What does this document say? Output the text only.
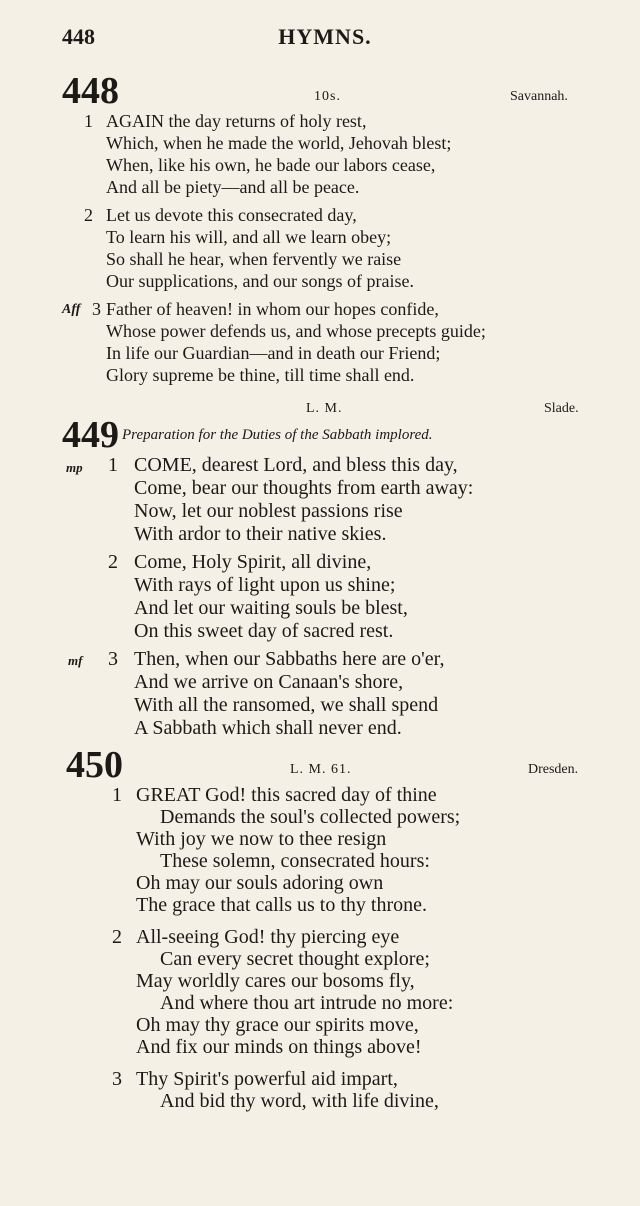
HYMNS.
448
448	10s.	Savannah.
1 AGAIN the day returns of holy rest,
Which, when he made the world, Jehovah blest;
When, like his own, he bade our labors cease,
And all be piety—and all be peace.
2 Let us devote this consecrated day,
To learn his will, and all we learn obey;
So shall he hear, when fervently we raise
Our supplications, and our songs of praise.
Aff 3 Father of heaven! in whom our hopes confide,
Whose power defends us, and whose precepts guide;
In life our Guardian—and in death our Friend;
Glory supreme be thine, till time shall end.
L. M.	Slade.
449 Preparation for the Duties of the Sabbath implored.
mp 1 COME, dearest Lord, and bless this day,
Come, bear our thoughts from earth away:
Now, let our noblest passions rise
With ardor to their native skies.
2 Come, Holy Spirit, all divine,
With rays of light upon us shine;
And let our waiting souls be blest,
On this sweet day of sacred rest.
mf 3 Then, when our Sabbaths here are o'er,
And we arrive on Canaan's shore,
With all the ransomed, we shall spend
A Sabbath which shall never end.
450	L. M. 61.	Dresden.
1 GREAT God! this sacred day of thine
Demands the soul's collected powers;
With joy we now to thee resign
These solemn, consecrated hours:
Oh may our souls adoring own
The grace that calls us to thy throne.
2 All-seeing God! thy piercing eye
Can every secret thought explore;
May worldly cares our bosoms fly,
And where thou art intrude no more:
Oh may thy grace our spirits move,
And fix our minds on things above!
3 Thy Spirit's powerful aid impart,
And bid thy word, with life divine,
